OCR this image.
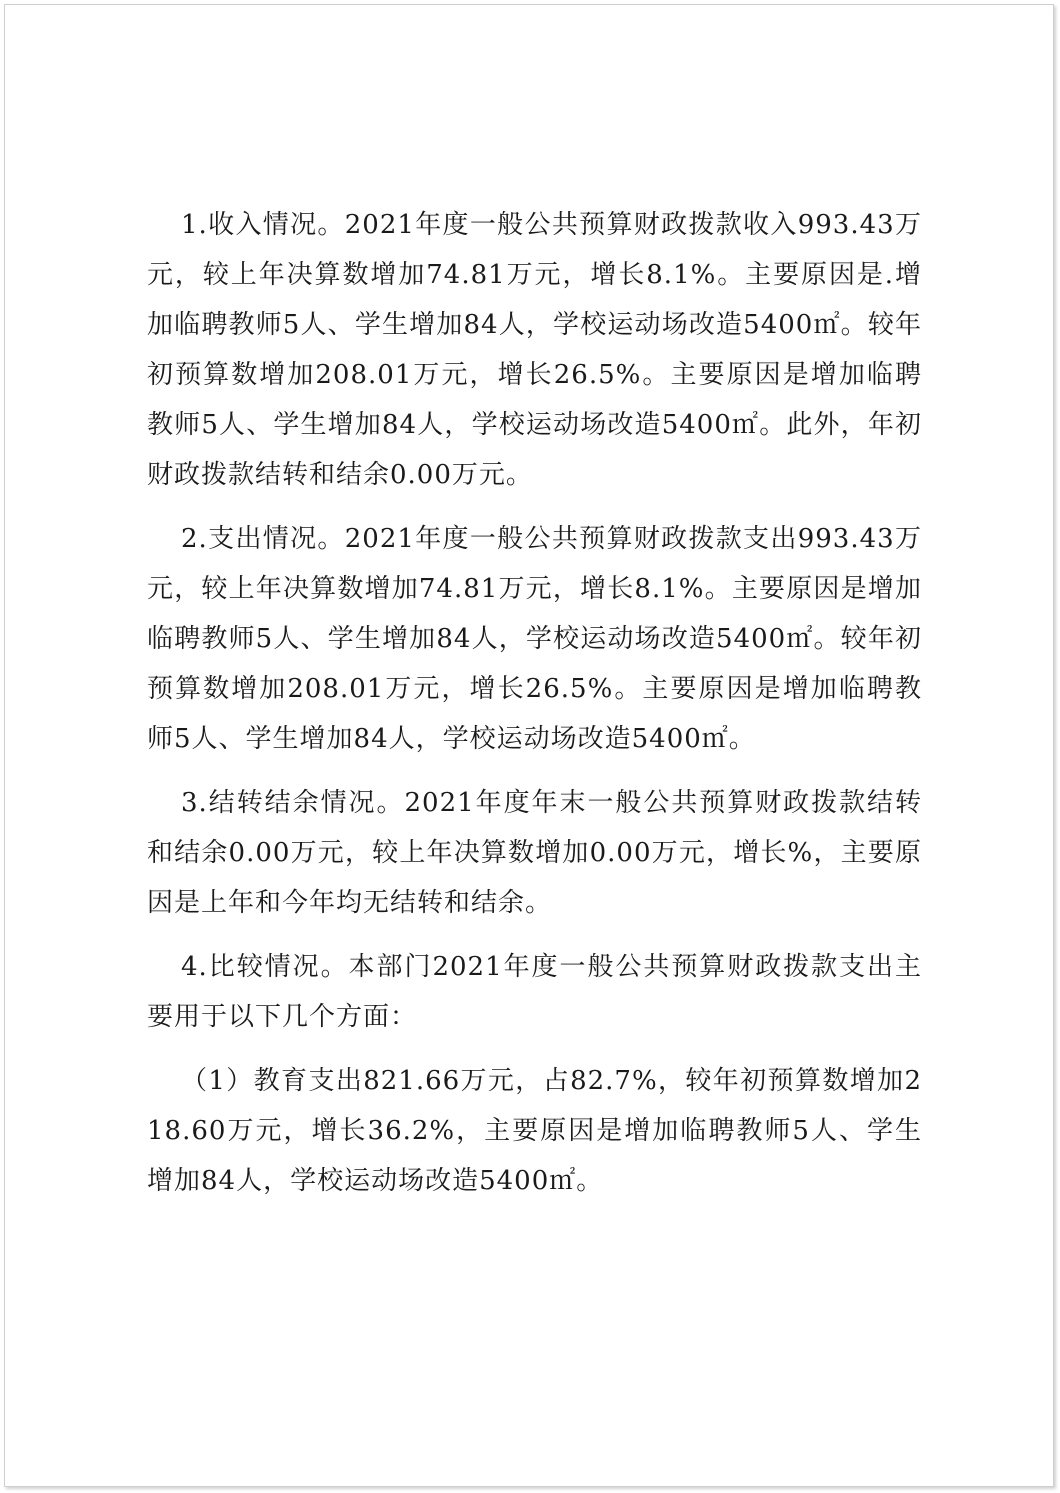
1.收入情况。2021年度一般公共预算财政拨款收入993.43万元，较上年决算数增加74.81万元，增长8.1%。主要原因是.增加临聘教师5人、学生增加84人，学校运动场改造5400㎡。较年初预算数增加208.01万元，增长26.5%。主要原因是增加临聘教师5人、学生增加84人，学校运动场改造5400㎡。此外，年初财政拨款结转和结余0.00万元。

2.支出情况。2021年度一般公共预算财政拨款支出993.43万元，较上年决算数增加74.81万元，增长8.1%。主要原因是增加临聘教师5人、学生增加84人，学校运动场改造5400㎡。较年初预算数增加208.01万元，增长26.5%。主要原因是增加临聘教师5人、学生增加84人，学校运动场改造5400㎡。

3.结转结余情况。2021年度年末一般公共预算财政拨款结转和结余0.00万元，较上年决算数增加0.00万元，增长%，主要原因是上年和今年均无结转和结余。

4.比较情况。本部门2021年度一般公共预算财政拨款支出主要用于以下几个方面：

（1）教育支出821.66万元，占82.7%，较年初预算数增加218.60万元，增长36.2%，主要原因是增加临聘教师5人、学生增加84人，学校运动场改造5400㎡。
